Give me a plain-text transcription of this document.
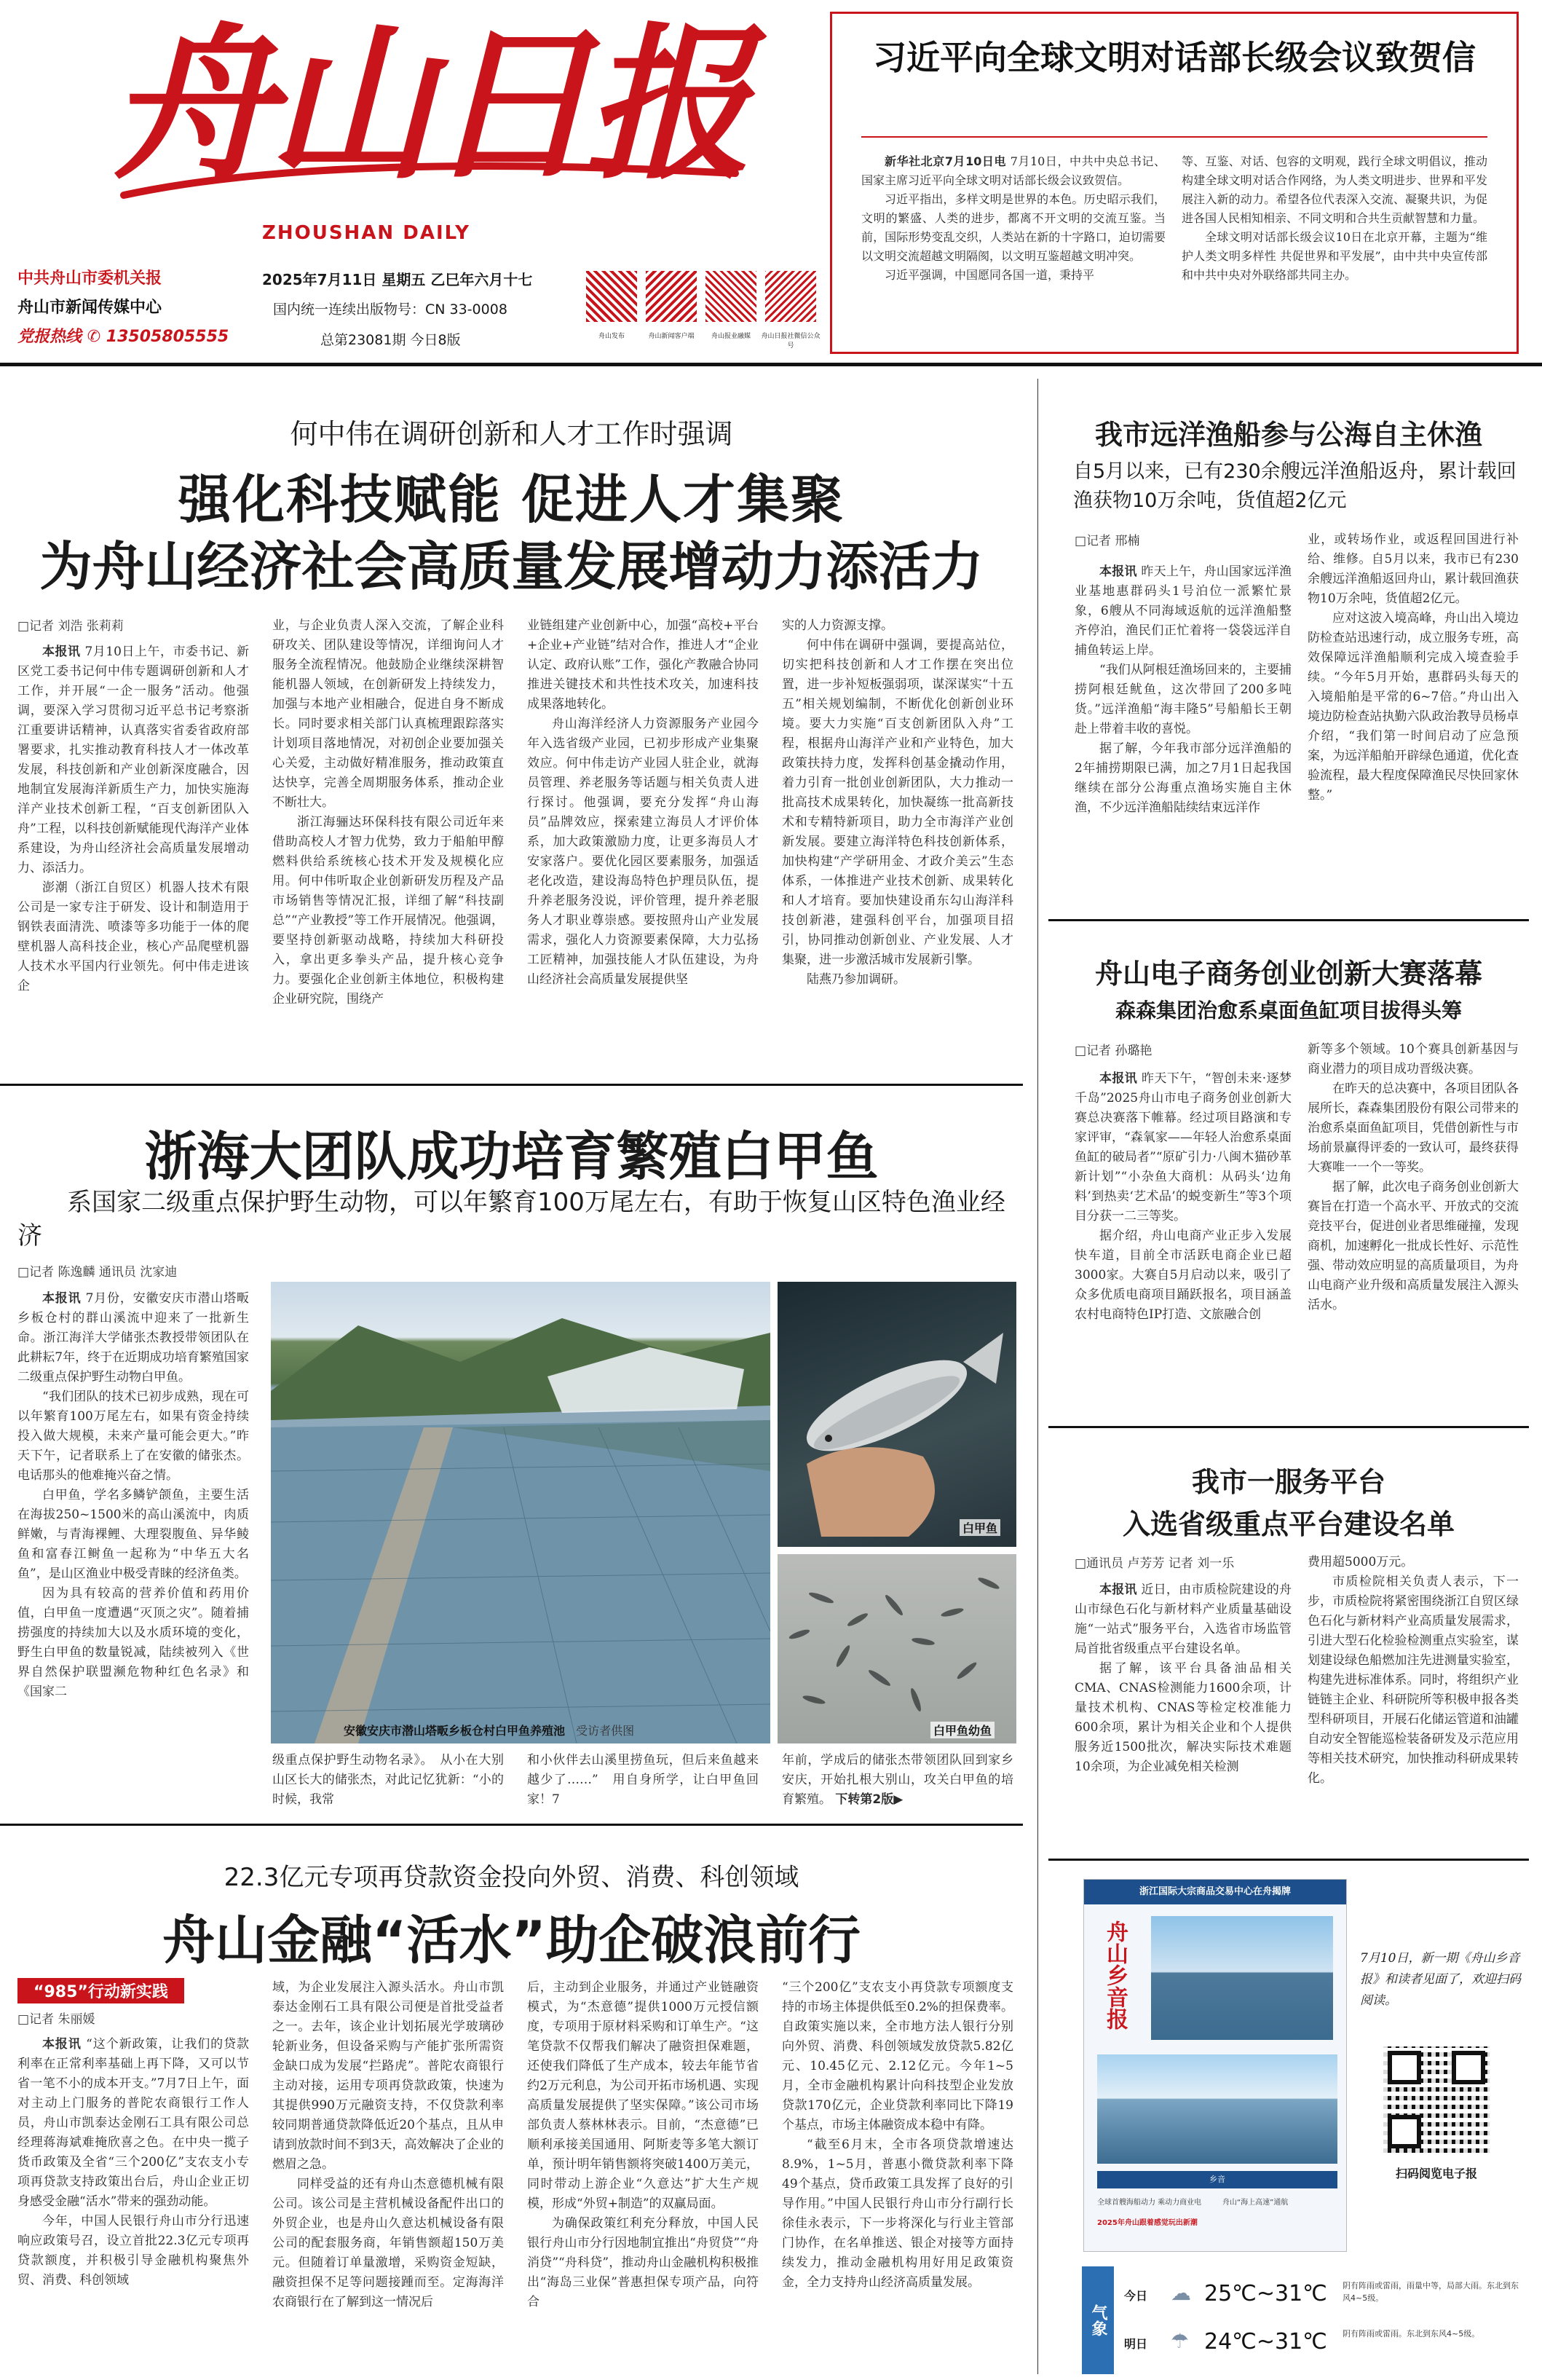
舟山日报
ZHOUSHAN DAILY
中共舟山市委机关报
舟山市新闻传媒中心
党报热线 ✆ 13505805555
2025年7月11日 星期五 乙巳年六月十七
国内统一连续出版物号：CN 33-0008
总第23081期 今日8版	舟山发布	舟山新闻客户端	舟山报业融媒	舟山日报社微信公众号
习近平向全球文明对话部长级会议致贺信

新华社北京7月10日电 7月10日，中共中央总书记、国家主席习近平向全球文明对话部长级会议致贺信。

习近平指出，多样文明是世界的本色。历史昭示我们，文明的繁盛、人类的进步，都离不开文明的交流互鉴。当前，国际形势变乱交织，人类站在新的十字路口，迫切需要以文明交流超越文明隔阂，以文明互鉴超越文明冲突。

习近平强调，中国愿同各国一道，秉持平

等、互鉴、对话、包容的文明观，践行全球文明倡议，推动构建全球文明对话合作网络，为人类文明进步、世界和平发展注入新的动力。希望各位代表深入交流、凝聚共识，为促进各国人民相知相亲、不同文明和合共生贡献智慧和力量。

全球文明对话部长级会议10日在北京开幕，主题为“维护人类文明多样性 共促世界和平发展”，由中共中央宣传部和中共中央对外联络部共同主办。

何中伟在调研创新和人才工作时强调
强化科技赋能 促进人才集聚
为舟山经济社会高质量发展增动力添活力
□记者 刘浩 张莉莉

本报讯 7月10日上午，市委书记、新区党工委书记何中伟专题调研创新和人才工作，并开展“一企一服务”活动。他强调，要深入学习贯彻习近平总书记考察浙江重要讲话精神，认真落实省委省政府部署要求，扎实推动教育科技人才一体改革发展，科技创新和产业创新深度融合，因地制宜发展海洋新质生产力，加快实施海洋产业技术创新工程，“百支创新团队入舟”工程，以科技创新赋能现代海洋产业体系建设，为舟山经济社会高质量发展增动力、添活力。

澎潮（浙江自贸区）机器人技术有限公司是一家专注于研发、设计和制造用于钢铁表面清洗、喷漆等多功能于一体的爬壁机器人高科技企业，核心产品爬壁机器人技术水平国内行业领先。何中伟走进该企

业，与企业负责人深入交流，了解企业科研攻关、团队建设等情况，详细询问人才服务全流程情况。他鼓励企业继续深耕智能机器人领域，在创新研发上持续发力，加强与本地产业相融合，促进自身不断成长。同时要求相关部门认真梳理跟踪落实计划项目落地情况，对初创企业要加强关心关爱，主动做好精准服务，推动政策直达快享，完善全周期服务体系，推动企业不断壮大。

浙江海骊达环保科技有限公司近年来借助高校人才智力优势，致力于船舶甲醇燃料供给系统核心技术开发及规模化应用。何中伟听取企业创新研发历程及产品市场销售等情况汇报，详细了解“科技副总”“产业教授”等工作开展情况。他强调，要坚持创新驱动战略，持续加大科研投入，拿出更多拳头产品，提升核心竞争力。要强化企业创新主体地位，积极构建企业研究院，围绕产

业链组建产业创新中心，加强“高校+平台+企业+产业链”结对合作，推进人才“企业认定、政府认账”工作，强化产教融合协同推进关键技术和共性技术攻关，加速科技成果落地转化。

舟山海洋经济人力资源服务产业园今年入选省级产业园，已初步形成产业集聚效应。何中伟走访产业园人驻企业，就海员管理、养老服务等话题与相关负责人进行探讨。他强调，要充分发挥“舟山海员”品牌效应，探索建立海员人才评价体系，加大政策激励力度，让更多海员人才安家落户。要优化园区要素服务，加强适老化改造，建设海岛特色护理员队伍，提升养老服务没说，评价管理，提升养老服务人才职业尊崇感。要按照舟山产业发展需求，强化人力资源要素保障，大力弘扬工匠精神，加强技能人才队伍建设，为舟山经济社会高质量发展提供坚

实的人力资源支撑。

何中伟在调研中强调，要提高站位，切实把科技创新和人才工作摆在突出位置，进一步补短板强弱项，谋深谋实“十五五”相关规划编制，不断优化创新创业环境。要大力实施“百支创新团队入舟”工程，根据舟山海洋产业和产业特色，加大政策扶持力度，发挥科创基金撬动作用，着力引育一批创业创新团队，大力推动一批高技术成果转化，加快凝练一批高新技术和专精特新项目，助力全市海洋产业创新发展。要建立海洋特色科技创新体系，加快构建“产学研用金、才政介美云”生态体系，一体推进产业技术创新、成果转化和人才培育。要加快建设甬东勾山海洋科技创新港，建强科创平台，加强项目招引，协同推动创新创业、产业发展、人才集聚，进一步激活城市发展新引擎。

陆燕乃参加调研。

我市远洋渔船参与公海自主休渔
自5月以来，已有230余艘远洋渔船返舟，累计载回渔获物10万余吨，货值超2亿元
□记者 邢楠

本报讯 昨天上午，舟山国家远洋渔业基地惠群码头1号泊位一派繁忙景象，6艘从不同海域返航的远洋渔船整齐停泊，渔民们正忙着将一袋袋远洋自捕鱼转运上岸。

“我们从阿根廷渔场回来的，主要捕捞阿根廷鱿鱼，这次带回了200多吨货。”远洋渔船“海丰隆5”号船船长王朝赴上带着丰收的喜悦。

据了解，今年我市部分远洋渔船的2年捕捞期限已满，加之7月1日起我国继续在部分公海重点渔场实施自主休渔，不少远洋渔船陆续结束远洋作

业，或转场作业，或返程回国进行补给、维修。自5月以来，我市已有230余艘远洋渔船返回舟山，累计载回渔获物10万余吨，货值超2亿元。

应对这波入境高峰，舟山出入境边防检查站迅速行动，成立服务专班，高效保障远洋渔船顺利完成入境查验手续。“今年5月开始，惠群码头每天的入境船舶是平常的6~7倍。”舟山出入境边防检查站执勤六队政治教导员杨卓介绍，“我们第一时间启动了应急预案，为远洋船舶开辟绿色通道，优化查验流程，最大程度保障渔民尽快回家休整。”

舟山电子商务创业创新大赛落幕
森森集团治愈系桌面鱼缸项目拔得头筹
□记者 孙璐艳

本报讯 昨天下午，“智创未来·逐梦千岛”2025舟山市电子商务创业创新大赛总决赛落下帷幕。经过项目路演和专家评审，“森氧家——年轻人治愈系桌面鱼缸的破局者”“原矿引力·八闽木猫砂革新计划”“小杂鱼大商机：从码头‘边角料’到热卖‘艺术品’的蜕变新生”等3个项目分获一二三等奖。

据介绍，舟山电商产业正步入发展快车道，目前全市活跃电商企业已超3000家。大赛自5月启动以来，吸引了众多优质电商项目踊跃报名，项目涵盖农村电商特色IP打造、文旅融合创

新等多个领域。10个赛具创新基因与商业潜力的项目成功晋级决赛。

在昨天的总决赛中，各项目团队各展所长，森森集团股份有限公司带来的治愈系桌面鱼缸项目，凭借创新性与市场前景赢得评委的一致认可，最终获得大赛唯一一个一等奖。

据了解，此次电子商务创业创新大赛旨在打造一个高水平、开放式的交流竞技平台，促进创业者思维碰撞，发现商机，加速孵化一批成长性好、示范性强、带动效应明显的高质量项目，为舟山电商产业升级和高质量发展注入源头活水。

我市一服务平台
入选省级重点平台建设名单
□通讯员 卢芳芳 记者 刘一乐

本报讯 近日，由市质检院建设的舟山市绿色石化与新材料产业质量基础设施“一站式”服务平台，入选省市场监管局首批省级重点平台建设名单。

据了解，该平台具备油品相关CMA、CNAS检测能力1600余项，计量技术机构、CNAS等检定校准能力600余项，累计为相关企业和个人提供服务近1500批次，解决实际技术难题10余项，为企业减免相关检测

费用超5000万元。

市质检院相关负责人表示，下一步，市质检院将紧密围绕浙江自贸区绿色石化与新材料产业高质量发展需求，引进大型石化检验检测重点实验室，谋划建设绿色船燃加注先进测量实验室，构建先进标准体系。同时，将组织产业链链主企业、科研院所等积极申报各类型科研项目，开展石化储运管道和油罐自动安全智能巡检装备研发及示范应用等相关技术研究，加快推动科研成果转化。

浙江国际大宗商品交易中心在舟揭牌
舟山乡音报
乡音
全球首艘海船动力 乘动力商业电
2025年舟山跟着感觉玩出新潮
舟山“海上高速”通航
7月10日，新一期《舟山乡音报》和读者见面了，欢迎扫码阅读。
扫码阅览电子报
气象
今日 ☁ 25℃~31℃ 阴有阵雨或雷雨，雨量中等，局部大雨。东北到东风4~5级。
明日 ☂ 24℃~31℃ 阴有阵雨或雷雨。东北到东风4~5级。
浙海大团队成功培育繁殖白甲鱼
系国家二级重点保护野生动物，可以年繁育100万尾左右，有助于恢复山区特色渔业经济
□记者 陈逸麟 通讯员 沈家迪

本报讯 7月份，安徽安庆市潜山塔畈乡板仓村的群山溪流中迎来了一批新生命。浙江海洋大学储张杰教授带领团队在此耕耘7年，终于在近期成功培育繁殖国家二级重点保护野生动物白甲鱼。

“我们团队的技术已初步成熟，现在可以年繁育100万尾左右，如果有资金持续投入做大规模，未来产量可能会更大。”昨天下午，记者联系上了在安徽的储张杰。电话那头的他难掩兴奋之情。

白甲鱼，学名多鳞铲颌鱼，主要生活在海拔250~1500米的高山溪流中，肉质鲜嫩，与青海裸鲤、大理裂腹鱼、异华鲮鱼和富春江鲥鱼一起称为“中华五大名鱼”，是山区渔业中极受青睐的经济鱼类。

因为具有较高的营养价值和药用价值，白甲鱼一度遭遇“灭顶之灾”。随着捕捞强度的持续加大以及水质环境的变化，野生白甲鱼的数量锐减，陆续被列入《世界自然保护联盟濒危物种红色名录》和《国家二

安徽安庆市潜山塔畈乡板仓村白甲鱼养殖池 受访者供图
白甲鱼
白甲鱼幼鱼

级重点保护野生动物名录》。　从小在大别山区长大的储张杰，对此记忆犹新：“小的时候，我常

和小伙伴去山溪里捞鱼玩，但后来鱼越来越少了……”　用自身所学，让白甲鱼回家！7

年前，学成后的储张杰带领团队回到家乡安庆，开始扎根大别山，攻关白甲鱼的培育繁殖。 下转第2版▶

22.3亿元专项再贷款资金投向外贸、消费、科创领域
舟山金融“活水”助企破浪前行
“985”行动新实践
□记者 朱丽媛

本报讯 “这个新政策，让我们的贷款利率在正常利率基础上再下降，又可以节省一笔不小的成本开支。”7月7日上午，面对主动上门服务的普陀农商银行工作人员，舟山市凯泰达金刚石工具有限公司总经理蒋海斌难掩欣喜之色。在中央一揽子货币政策及全省“三个200亿”支农支小专项再贷款支持政策出台后，舟山企业正切身感受金融“活水”带来的强劲动能。

今年，中国人民银行舟山市分行迅速响应政策号召，设立首批22.3亿元专项再贷款额度，并积极引导金融机构聚焦外贸、消费、科创领域

域，为企业发展注入源头活水。舟山市凯泰达金刚石工具有限公司便是首批受益者之一。去年，该企业计划拓展光学玻璃砂轮新业务，但设备采购与产能扩张所需资金缺口成为发展“拦路虎”。普陀农商银行主动对接，运用专项再贷款政策，快速为其提供990万元融资支持，不仅贷款利率较同期普通贷款降低近20个基点，且从申请到放款时间不到3天，高效解决了企业的燃眉之急。

同样受益的还有舟山杰意德机械有限公司。该公司是主营机械设备配件出口的外贸企业，也是舟山久意达机械设备有限公司的配套服务商，年销售额超150万美元。但随着订单量激增，采购资金短缺，融资担保不足等问题接踵而至。定海海洋农商银行在了解到这一情况后

后，主动到企业服务，并通过产业链融资模式，为“杰意德”提供1000万元授信额度，专项用于原材料采购和订单生产。“这笔贷款不仅帮我们解决了融资担保难题，还使我们降低了生产成本，较去年能节省约2万元利息，为公司开拓市场机遇、实现高质量发展提供了坚实保障。”该公司市场部负责人蔡林林表示。目前，“杰意德”已顺利承接美国通用、阿斯麦等多笔大额订单，预计明年销售额将突破1400万美元，同时带动上游企业“久意达”扩大生产规模，形成“外贸+制造”的双赢局面。

为确保政策红利充分释放，中国人民银行舟山市分行因地制宜推出“舟贸贷”“舟消贷”“舟科贷”，推动舟山金融机构积极推出“海岛三业保”普惠担保专项产品，向符合

“三个200亿”支农支小再贷款专项额度支持的市场主体提供低至0.2%的担保费率。自政策实施以来，全市地方法人银行分别向外贸、消费、科创领域发放贷款5.82亿元、10.45亿元、2.12亿元。今年1~5月，全市金融机构累计向科技型企业发放贷款170亿元，企业贷款利率同比下降19个基点，市场主体融资成本稳中有降。

“截至6月末，全市各项贷款增速达8.9%，1~5月，普惠小微贷款利率下降49个基点，贷币政策工具发挥了良好的引导作用。”中国人民银行舟山市分行副行长徐佳永表示，下一步将深化与行业主管部门协作，在名单推送、银企对接等方面持续发力，推动金融机构用好用足政策资金，全力支持舟山经济高质量发展。
